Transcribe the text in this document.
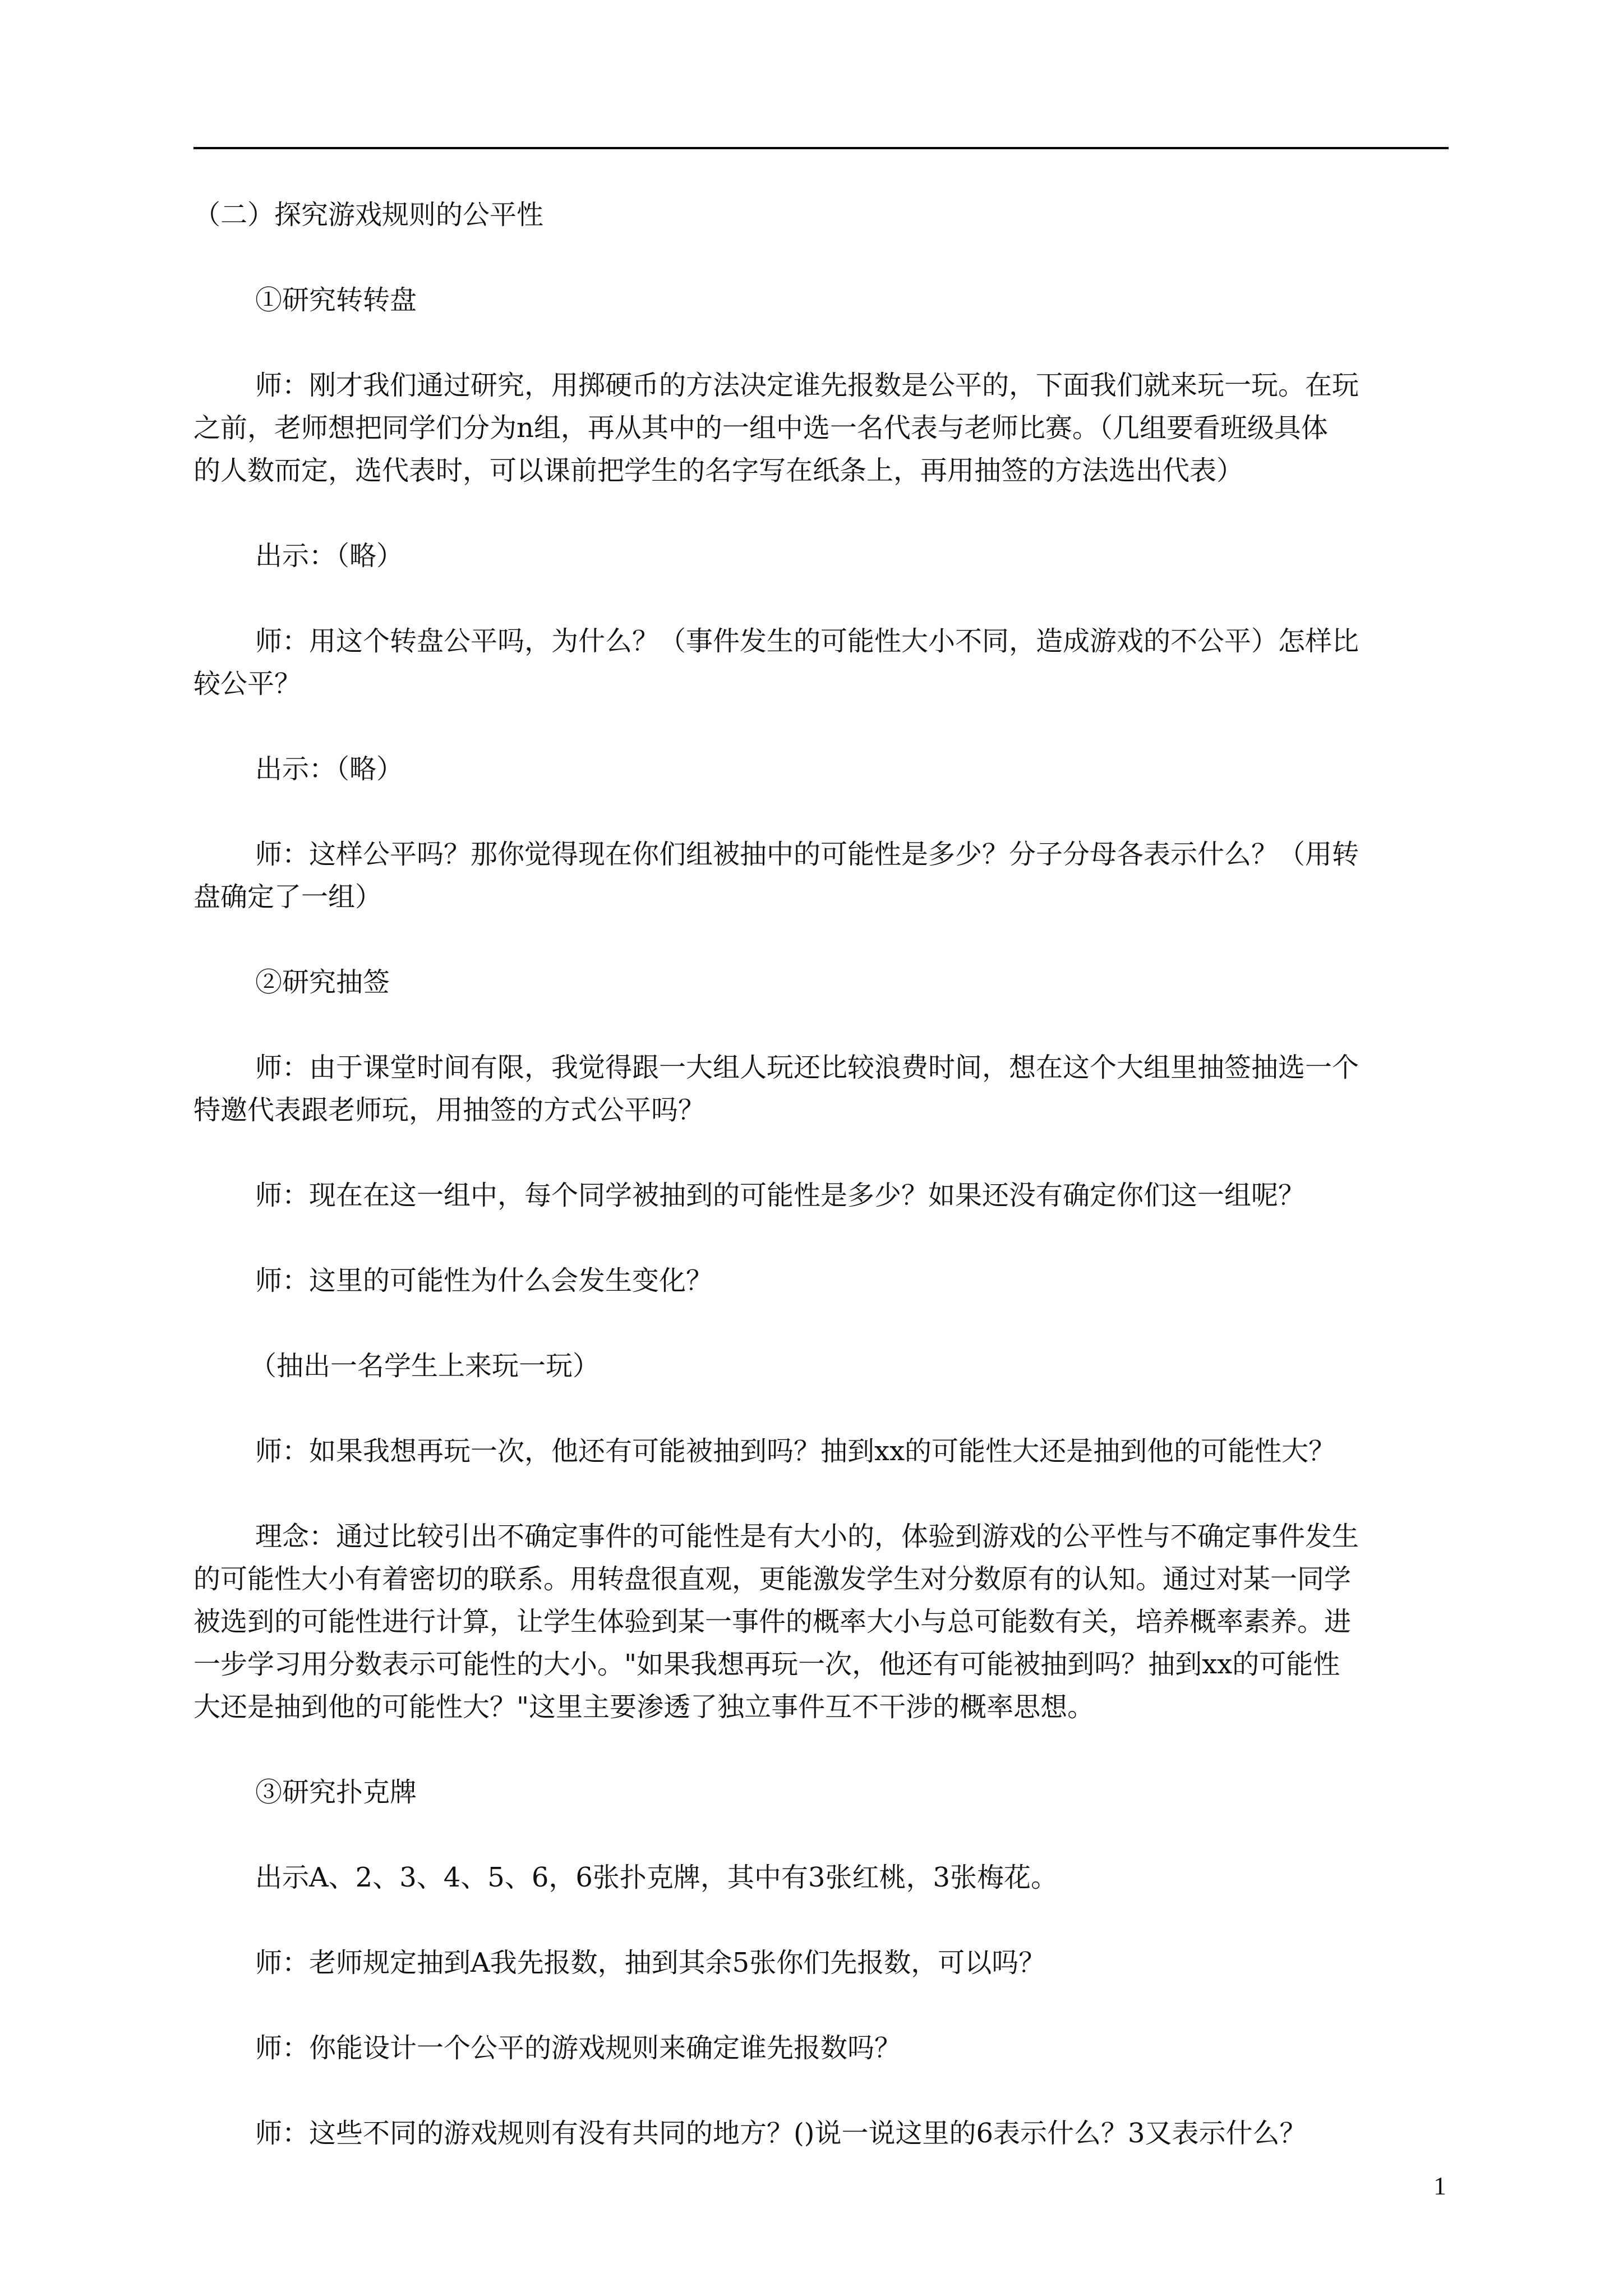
（二）探究游戏规则的公平性

①研究转转盘

师：刚才我们通过研究，用掷硬币的方法决定谁先报数是公平的，下面我们就来玩一玩。在玩
之前，老师想把同学们分为n组，再从其中的一组中选一名代表与老师比赛。（几组要看班级具体
的人数而定，选代表时，可以课前把学生的名字写在纸条上，再用抽签的方法选出代表）

出示：（略）

师：用这个转盘公平吗，为什么？（事件发生的可能性大小不同，造成游戏的不公平）怎样比
较公平？

出示：（略）

师：这样公平吗？那你觉得现在你们组被抽中的可能性是多少？分子分母各表示什么？（用转
盘确定了一组）

②研究抽签

师：由于课堂时间有限，我觉得跟一大组人玩还比较浪费时间，想在这个大组里抽签抽选一个
特邀代表跟老师玩，用抽签的方式公平吗？

师：现在在这一组中，每个同学被抽到的可能性是多少？如果还没有确定你们这一组呢？

师：这里的可能性为什么会发生变化？

（抽出一名学生上来玩一玩）

师：如果我想再玩一次，他还有可能被抽到吗？抽到xx的可能性大还是抽到他的可能性大？

理念：通过比较引出不确定事件的可能性是有大小的，体验到游戏的公平性与不确定事件发生
的可能性大小有着密切的联系。用转盘很直观，更能激发学生对分数原有的认知。通过对某一同学
被选到的可能性进行计算，让学生体验到某一事件的概率大小与总可能数有关，培养概率素养。进
一步学习用分数表示可能性的大小。"如果我想再玩一次，他还有可能被抽到吗？抽到xx的可能性
大还是抽到他的可能性大？"这里主要渗透了独立事件互不干涉的概率思想。

③研究扑克牌

出示A、2、3、4、5、6，6张扑克牌，其中有3张红桃，3张梅花。

师：老师规定抽到A我先报数，抽到其余5张你们先报数，可以吗？

师：你能设计一个公平的游戏规则来确定谁先报数吗？

师：这些不同的游戏规则有没有共同的地方？()说一说这里的6表示什么？3又表示什么？

1
